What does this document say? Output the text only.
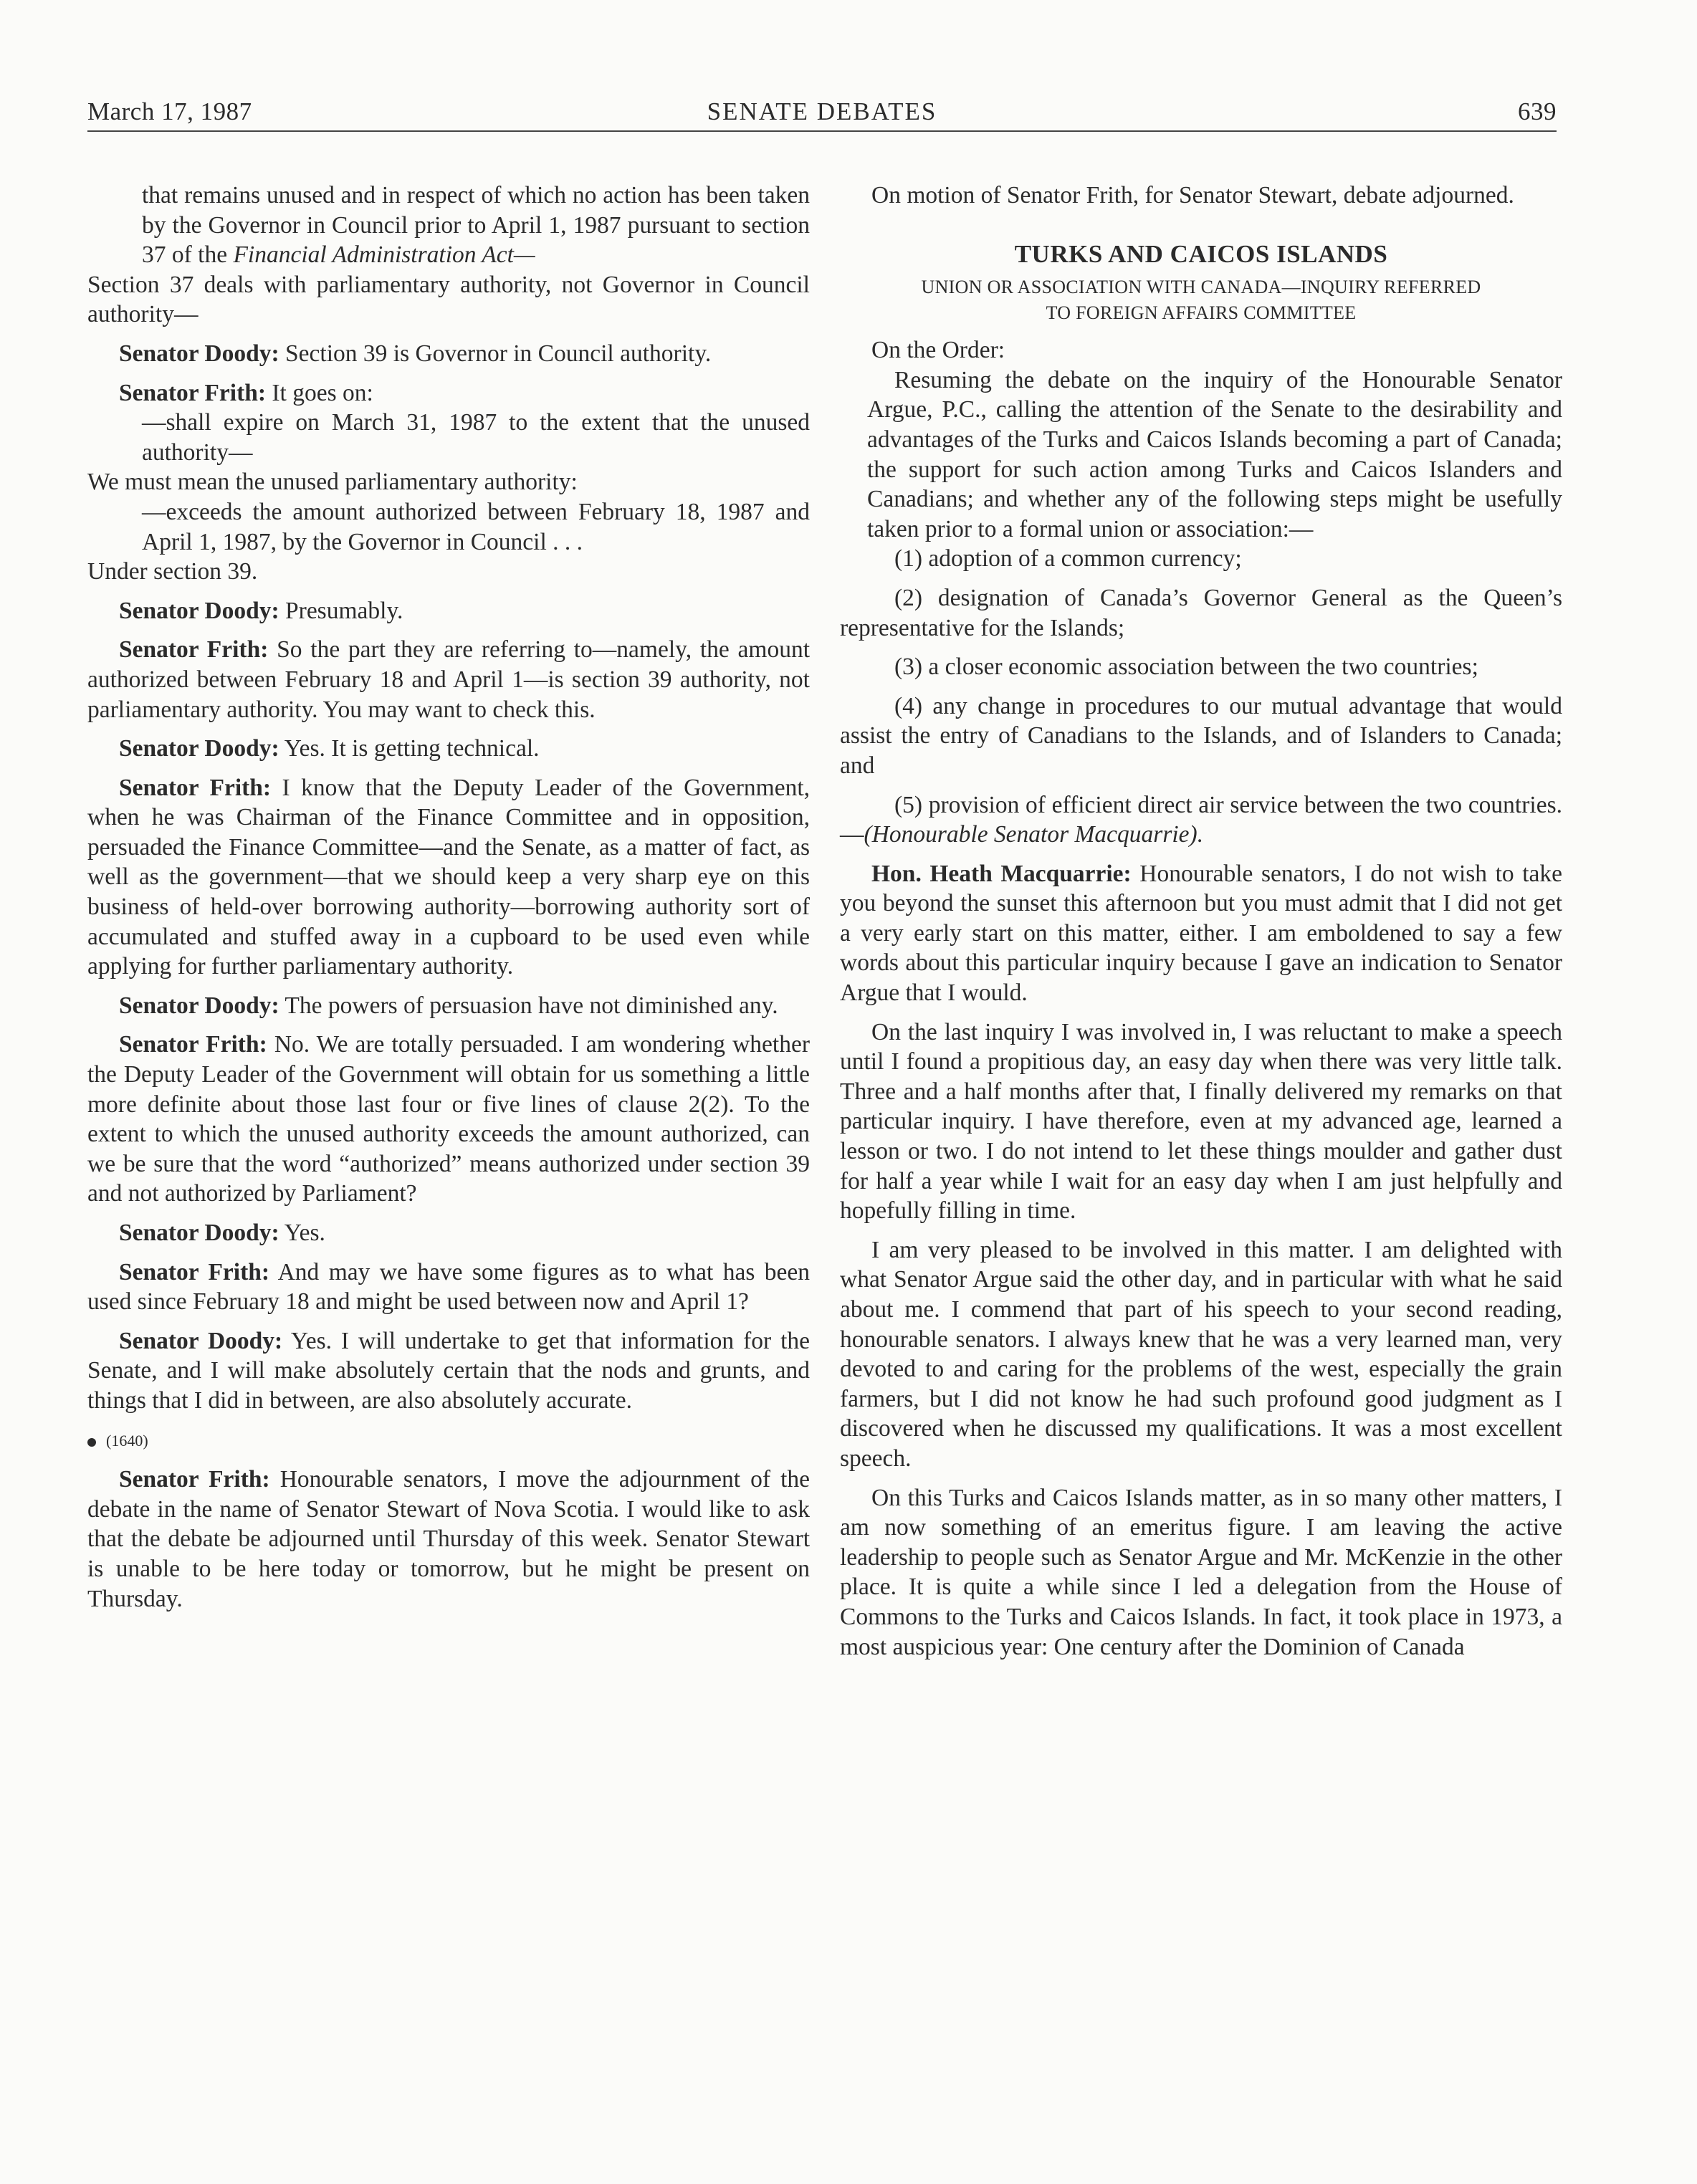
SENATE DEBATES
March 17, 1987	639

that remains unused and in respect of which no action has been taken by the Governor in Council prior to April 1, 1987 pursuant to section 37 of the Financial Administration Act—

Section 37 deals with parliamentary authority, not Governor in Council authority—

Senator Doody: Section 39 is Governor in Council authority.

Senator Frith: It goes on:

—shall expire on March 31, 1987 to the extent that the unused authority—

We must mean the unused parliamentary authority:

—exceeds the amount authorized between February 18, 1987 and April 1, 1987, by the Governor in Council . . .

Under section 39.

Senator Doody: Presumably.

Senator Frith: So the part they are referring to—namely, the amount authorized between February 18 and April 1—is section 39 authority, not parliamentary authority. You may want to check this.

Senator Doody: Yes. It is getting technical.

Senator Frith: I know that the Deputy Leader of the Government, when he was Chairman of the Finance Committee and in opposition, persuaded the Finance Committee—and the Senate, as a matter of fact, as well as the government—that we should keep a very sharp eye on this business of held-over borrowing authority—borrowing authority sort of accumulated and stuffed away in a cupboard to be used even while applying for further parliamentary authority.

Senator Doody: The powers of persuasion have not diminished any.

Senator Frith: No. We are totally persuaded. I am wondering whether the Deputy Leader of the Government will obtain for us something a little more definite about those last four or five lines of clause 2(2). To the extent to which the unused authority exceeds the amount authorized, can we be sure that the word “authorized” means authorized under section 39 and not authorized by Parliament?

Senator Doody: Yes.

Senator Frith: And may we have some figures as to what has been used since February 18 and might be used between now and April 1?

Senator Doody: Yes. I will undertake to get that information for the Senate, and I will make absolutely certain that the nods and grunts, and things that I did in between, are also absolutely accurate.

(1640)

Senator Frith: Honourable senators, I move the adjournment of the debate in the name of Senator Stewart of Nova Scotia. I would like to ask that the debate be adjourned until Thursday of this week. Senator Stewart is unable to be here today or tomorrow, but he might be present on Thursday.

On motion of Senator Frith, for Senator Stewart, debate adjourned.

TURKS AND CAICOS ISLANDS

UNION OR ASSOCIATION WITH CANADA—INQUIRY REFERRED
TO FOREIGN AFFAIRS COMMITTEE

On the Order:

Resuming the debate on the inquiry of the Honourable Senator Argue, P.C., calling the attention of the Senate to the desirability and advantages of the Turks and Caicos Islands becoming a part of Canada; the support for such action among Turks and Caicos Islanders and Canadians; and whether any of the following steps might be usefully taken prior to a formal union or association:—

(1) adoption of a common currency;

(2) designation of Canada’s Governor General as the Queen’s representative for the Islands;

(3) a closer economic association between the two countries;

(4) any change in procedures to our mutual advantage that would assist the entry of Canadians to the Islands, and of Islanders to Canada; and

(5) provision of efficient direct air service between the two countries.—(Honourable Senator Macquarrie).

Hon. Heath Macquarrie: Honourable senators, I do not wish to take you beyond the sunset this afternoon but you must admit that I did not get a very early start on this matter, either. I am emboldened to say a few words about this particular inquiry because I gave an indication to Senator Argue that I would.

On the last inquiry I was involved in, I was reluctant to make a speech until I found a propitious day, an easy day when there was very little talk. Three and a half months after that, I finally delivered my remarks on that particular inquiry. I have therefore, even at my advanced age, learned a lesson or two. I do not intend to let these things moulder and gather dust for half a year while I wait for an easy day when I am just helpfully and hopefully filling in time.

I am very pleased to be involved in this matter. I am delighted with what Senator Argue said the other day, and in particular with what he said about me. I commend that part of his speech to your second reading, honourable senators. I always knew that he was a very learned man, very devoted to and caring for the problems of the west, especially the grain farmers, but I did not know he had such profound good judgment as I discovered when he discussed my qualifications. It was a most excellent speech.

On this Turks and Caicos Islands matter, as in so many other matters, I am now something of an emeritus figure. I am leaving the active leadership to people such as Senator Argue and Mr. McKenzie in the other place. It is quite a while since I led a delegation from the House of Commons to the Turks and Caicos Islands. In fact, it took place in 1973, a most auspicious year: One century after the Dominion of Canada
